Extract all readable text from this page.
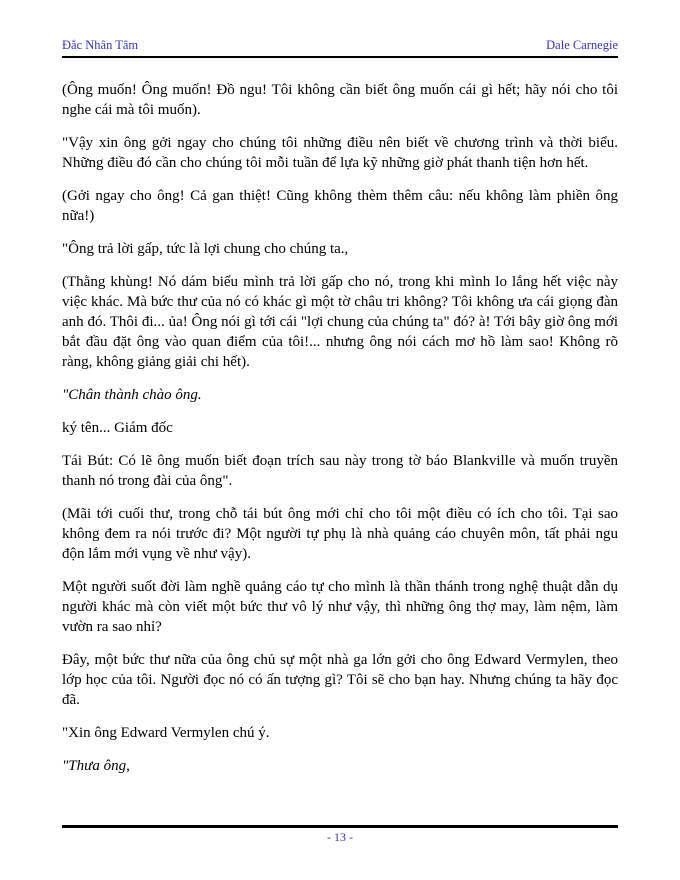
Đắc Nhân Tâm	Dale Carnegie

(Ông muốn! Ông muốn! Đồ ngu! Tôi không cần biết ông muốn cái gì hết; hãy nói cho tôi nghe cái mà tôi muốn).

"Vậy xin ông gởi ngay cho chúng tôi những điều nên biết về chương trình và thời biểu. Những điều đó cần cho chúng tôi mỗi tuần để lựa kỹ những giờ phát thanh tiện hơn hết.

(Gởi ngay cho ông! Cả gan thiệt! Cũng không thèm thêm câu: nếu không làm phiền ông nữa!)

"Ông trả lời gấp, tức là lợi chung cho chúng ta.,

(Thằng khùng! Nó dám biểu mình trả lời gấp cho nó, trong khi mình lo lắng hết việc này việc khác. Mà bức thư của nó có khác gì một tờ châu tri không? Tôi không ưa cái giọng đàn anh đó. Thôi đi... ủa! Ông nói gì tới cái "lợi chung của chúng ta" đó? à! Tới bây giờ ông mới bắt đầu đặt ông vào quan điểm của tôi!... nhưng ông nói cách mơ hồ làm sao! Không rõ ràng, không giảng giải chi hết).

"Chân thành chào ông.

ký tên... Giám đốc

Tái Bút: Có lẽ ông muốn biết đoạn trích sau này trong tờ báo Blankville và muốn truyền thanh nó trong đài của ông".

(Mãi tới cuối thư, trong chỗ tái bút ông mới chỉ cho tôi một điều có ích cho tôi. Tại sao không đem ra nói trước đi? Một người tự phụ là nhà quảng cáo chuyên môn, tất phải ngu độn lắm mới vụng về như vậy).

Một người suốt đời làm nghề quảng cáo tự cho mình là thần thánh trong nghệ thuật dẫn dụ người khác mà còn viết một bức thư vô lý như vậy, thì những ông thợ may, làm nệm, làm vườn ra sao nhỉ?

Đây, một bức thư nữa của ông chủ sự một nhà ga lớn gởi cho ông Edward Vermylen, theo lớp học của tôi. Người đọc nó có ấn tượng gì? Tôi sẽ cho bạn hay. Nhưng chúng ta hãy đọc đã.

"Xin ông Edward Vermylen chú ý.

"Thưa ông,

- 13 -
